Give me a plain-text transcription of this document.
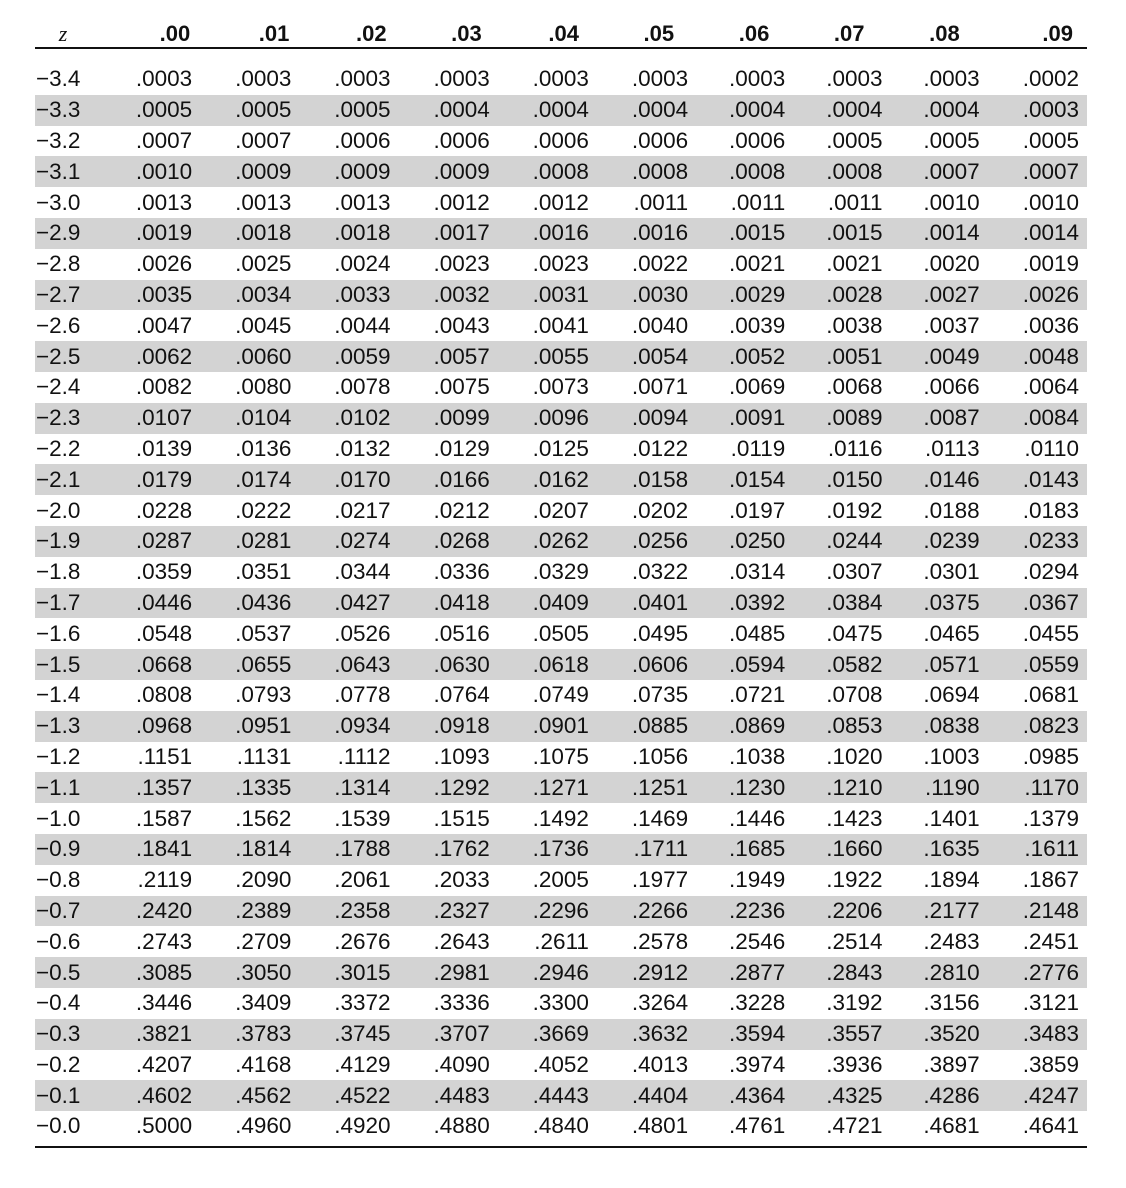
z	.00	.01	.02	.03	.04	.05	.06	.07	.08	.09

−3.4	.0003	.0003	.0003	.0003	.0003	.0003	.0003	.0003	.0003	.0002
−3.3	.0005	.0005	.0005	.0004	.0004	.0004	.0004	.0004	.0004	.0003
−3.2	.0007	.0007	.0006	.0006	.0006	.0006	.0006	.0005	.0005	.0005
−3.1	.0010	.0009	.0009	.0009	.0008	.0008	.0008	.0008	.0007	.0007
−3.0	.0013	.0013	.0013	.0012	.0012	.0011	.0011	.0011	.0010	.0010
−2.9	.0019	.0018	.0018	.0017	.0016	.0016	.0015	.0015	.0014	.0014
−2.8	.0026	.0025	.0024	.0023	.0023	.0022	.0021	.0021	.0020	.0019
−2.7	.0035	.0034	.0033	.0032	.0031	.0030	.0029	.0028	.0027	.0026
−2.6	.0047	.0045	.0044	.0043	.0041	.0040	.0039	.0038	.0037	.0036
−2.5	.0062	.0060	.0059	.0057	.0055	.0054	.0052	.0051	.0049	.0048
−2.4	.0082	.0080	.0078	.0075	.0073	.0071	.0069	.0068	.0066	.0064
−2.3	.0107	.0104	.0102	.0099	.0096	.0094	.0091	.0089	.0087	.0084
−2.2	.0139	.0136	.0132	.0129	.0125	.0122	.0119	.0116	.0113	.0110
−2.1	.0179	.0174	.0170	.0166	.0162	.0158	.0154	.0150	.0146	.0143
−2.0	.0228	.0222	.0217	.0212	.0207	.0202	.0197	.0192	.0188	.0183
−1.9	.0287	.0281	.0274	.0268	.0262	.0256	.0250	.0244	.0239	.0233
−1.8	.0359	.0351	.0344	.0336	.0329	.0322	.0314	.0307	.0301	.0294
−1.7	.0446	.0436	.0427	.0418	.0409	.0401	.0392	.0384	.0375	.0367
−1.6	.0548	.0537	.0526	.0516	.0505	.0495	.0485	.0475	.0465	.0455
−1.5	.0668	.0655	.0643	.0630	.0618	.0606	.0594	.0582	.0571	.0559
−1.4	.0808	.0793	.0778	.0764	.0749	.0735	.0721	.0708	.0694	.0681
−1.3	.0968	.0951	.0934	.0918	.0901	.0885	.0869	.0853	.0838	.0823
−1.2	.1151	.1131	.1112	.1093	.1075	.1056	.1038	.1020	.1003	.0985
−1.1	.1357	.1335	.1314	.1292	.1271	.1251	.1230	.1210	.1190	.1170
−1.0	.1587	.1562	.1539	.1515	.1492	.1469	.1446	.1423	.1401	.1379
−0.9	.1841	.1814	.1788	.1762	.1736	.1711	.1685	.1660	.1635	.1611
−0.8	.2119	.2090	.2061	.2033	.2005	.1977	.1949	.1922	.1894	.1867
−0.7	.2420	.2389	.2358	.2327	.2296	.2266	.2236	.2206	.2177	.2148
−0.6	.2743	.2709	.2676	.2643	.2611	.2578	.2546	.2514	.2483	.2451
−0.5	.3085	.3050	.3015	.2981	.2946	.2912	.2877	.2843	.2810	.2776
−0.4	.3446	.3409	.3372	.3336	.3300	.3264	.3228	.3192	.3156	.3121
−0.3	.3821	.3783	.3745	.3707	.3669	.3632	.3594	.3557	.3520	.3483
−0.2	.4207	.4168	.4129	.4090	.4052	.4013	.3974	.3936	.3897	.3859
−0.1	.4602	.4562	.4522	.4483	.4443	.4404	.4364	.4325	.4286	.4247
−0.0	.5000	.4960	.4920	.4880	.4840	.4801	.4761	.4721	.4681	.4641
